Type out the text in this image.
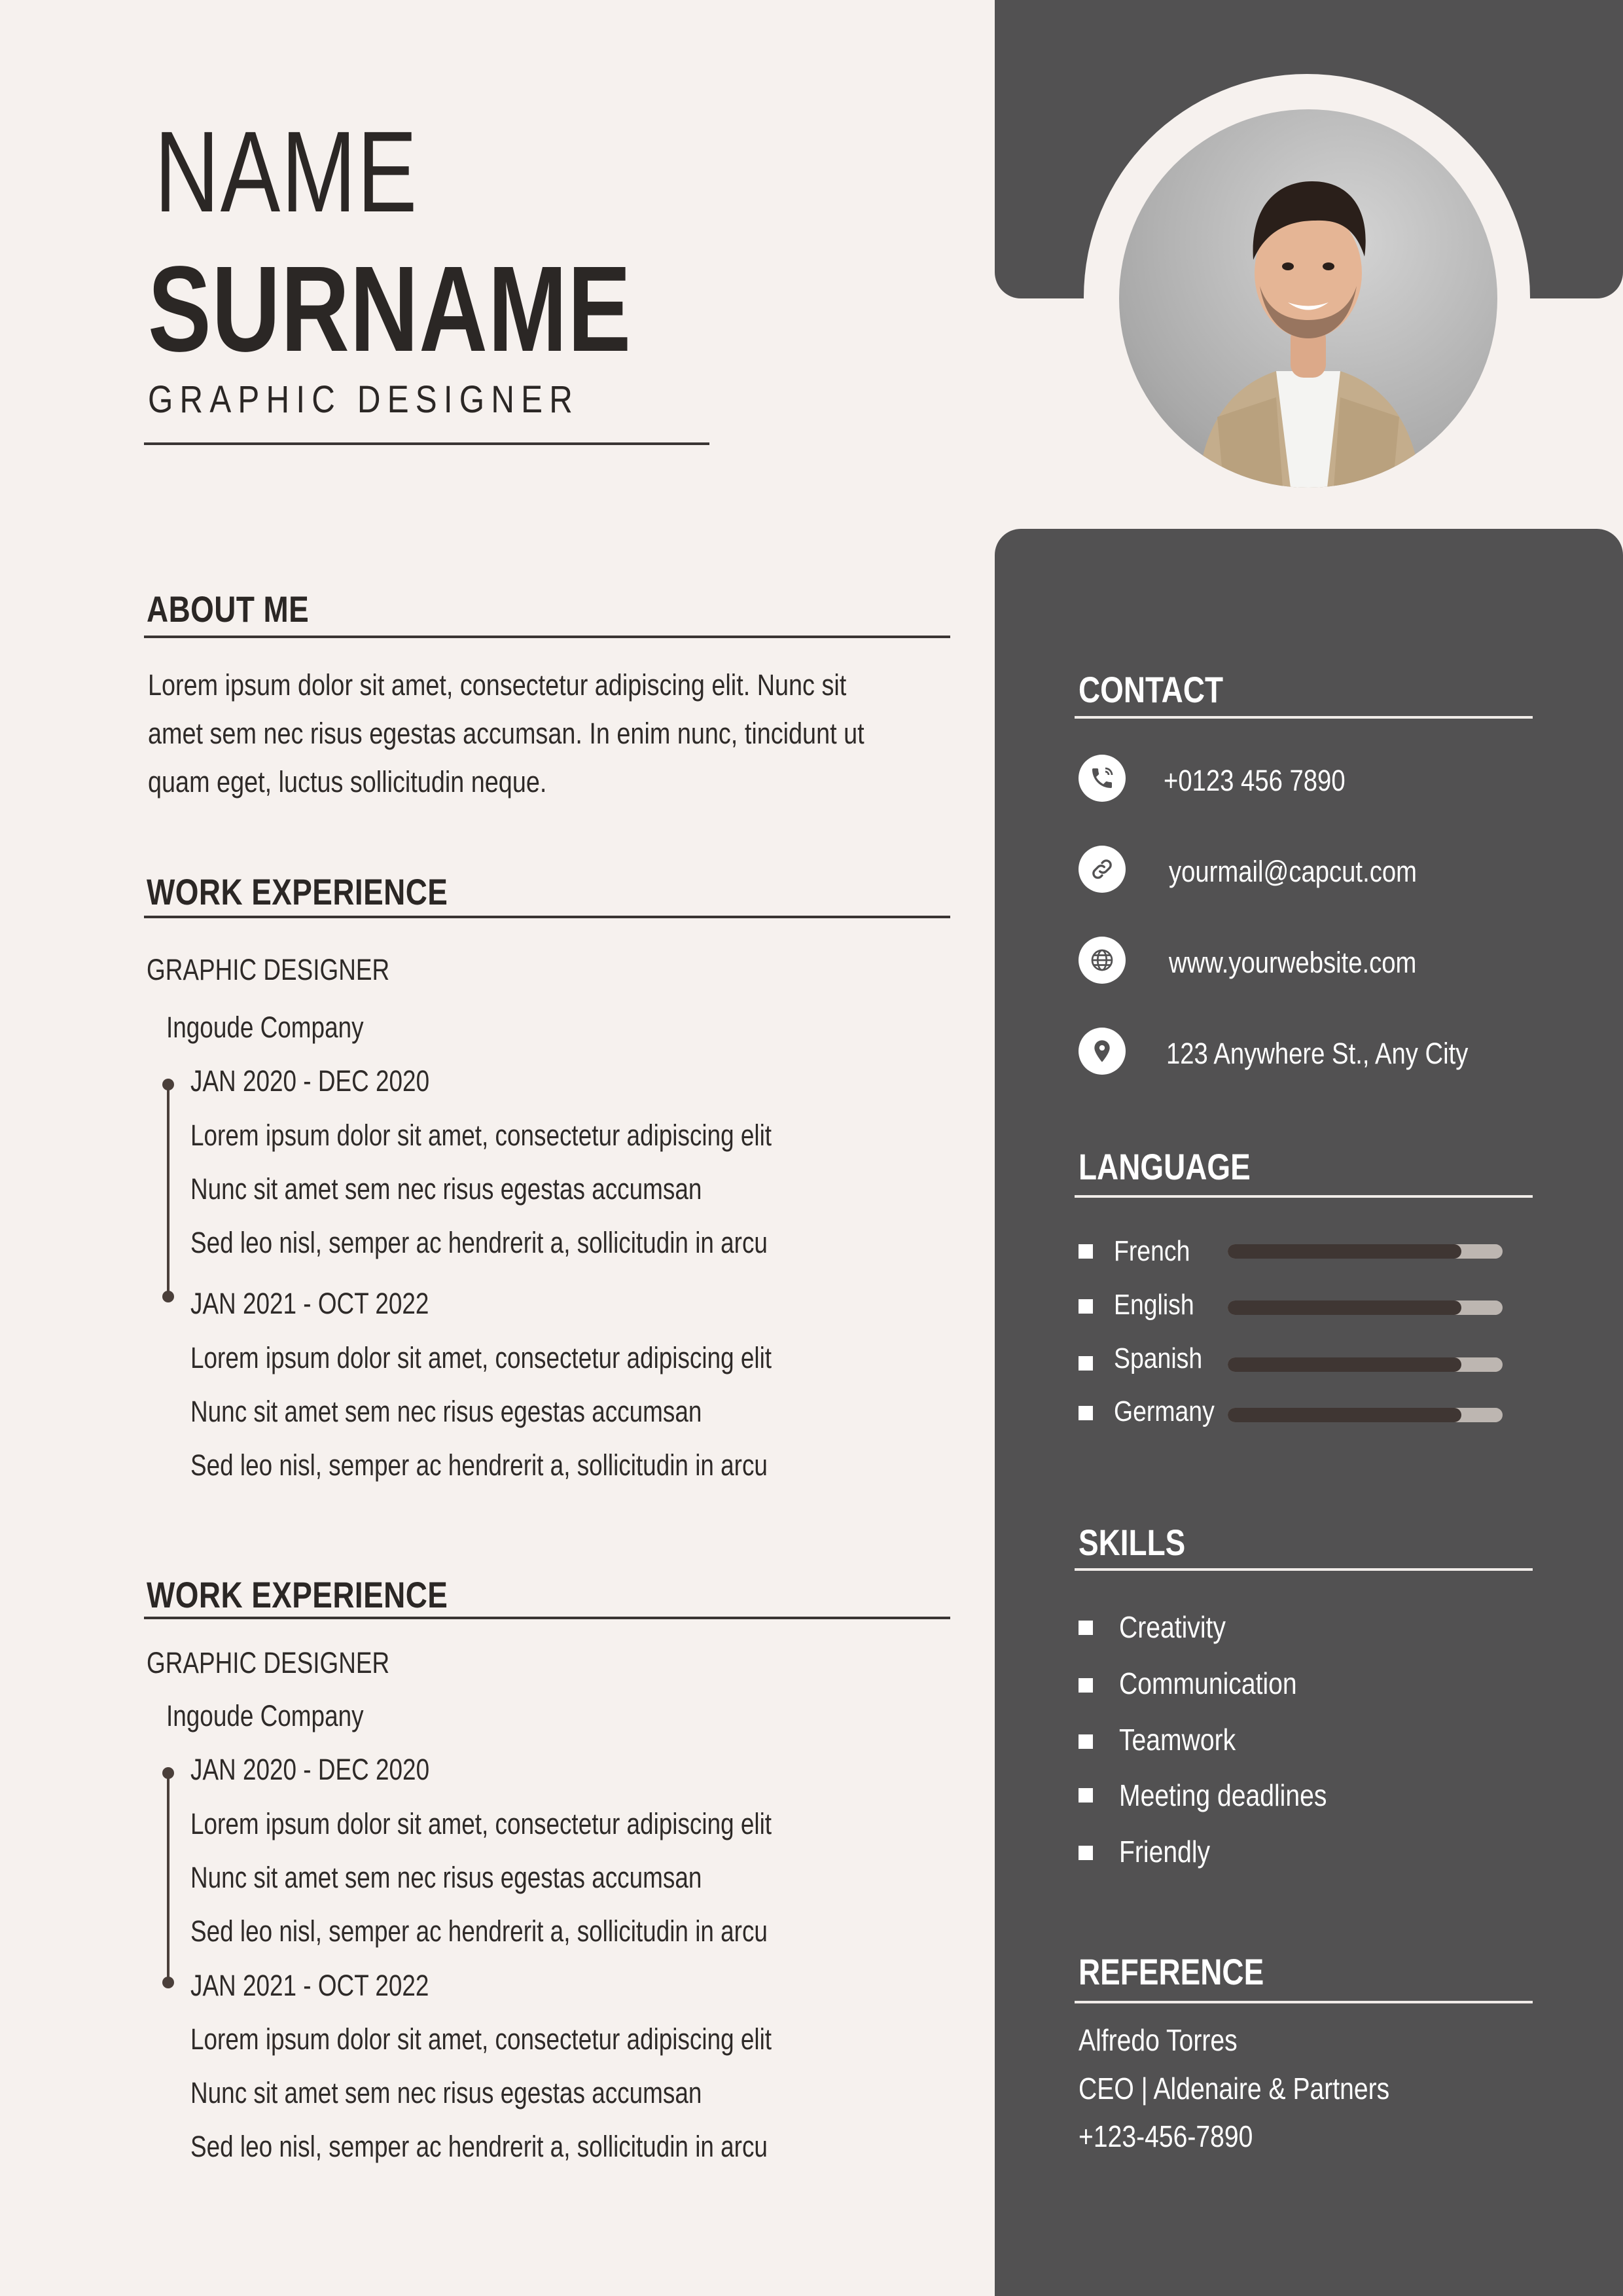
NAME
SURNAME
GRAPHIC DESIGNER
ABOUT ME
Lorem ipsum dolor sit amet, consectetur adipiscing elit. Nunc sit
amet sem nec risus egestas accumsan. In enim nunc, tincidunt ut
quam eget, luctus sollicitudin neque.
WORK EXPERIENCE
GRAPHIC DESIGNER
Ingoude Company
JAN 2020 - DEC 2020
Lorem ipsum dolor sit amet, consectetur adipiscing elit
Nunc sit amet sem nec risus egestas accumsan
Sed leo nisl, semper ac hendrerit a, sollicitudin in arcu
JAN 2021 - OCT 2022
Lorem ipsum dolor sit amet, consectetur adipiscing elit
Nunc sit amet sem nec risus egestas accumsan
Sed leo nisl, semper ac hendrerit a, sollicitudin in arcu
WORK EXPERIENCE
GRAPHIC DESIGNER
Ingoude Company
JAN 2020 - DEC 2020
Lorem ipsum dolor sit amet, consectetur adipiscing elit
Nunc sit amet sem nec risus egestas accumsan
Sed leo nisl, semper ac hendrerit a, sollicitudin in arcu
JAN 2021 - OCT 2022
Lorem ipsum dolor sit amet, consectetur adipiscing elit
Nunc sit amet sem nec risus egestas accumsan
Sed leo nisl, semper ac hendrerit a, sollicitudin in arcu
CONTACT
+0123 456 7890
yourmail@capcut.com
www.yourwebsite.com
123 Anywhere St., Any City
LANGUAGE
French
English
Spanish
Germany
SKILLS
Creativity
Communication
Teamwork
Meeting deadlines
Friendly
REFERENCE
Alfredo Torres
CEO | Aldenaire & Partners
+123-456-7890
